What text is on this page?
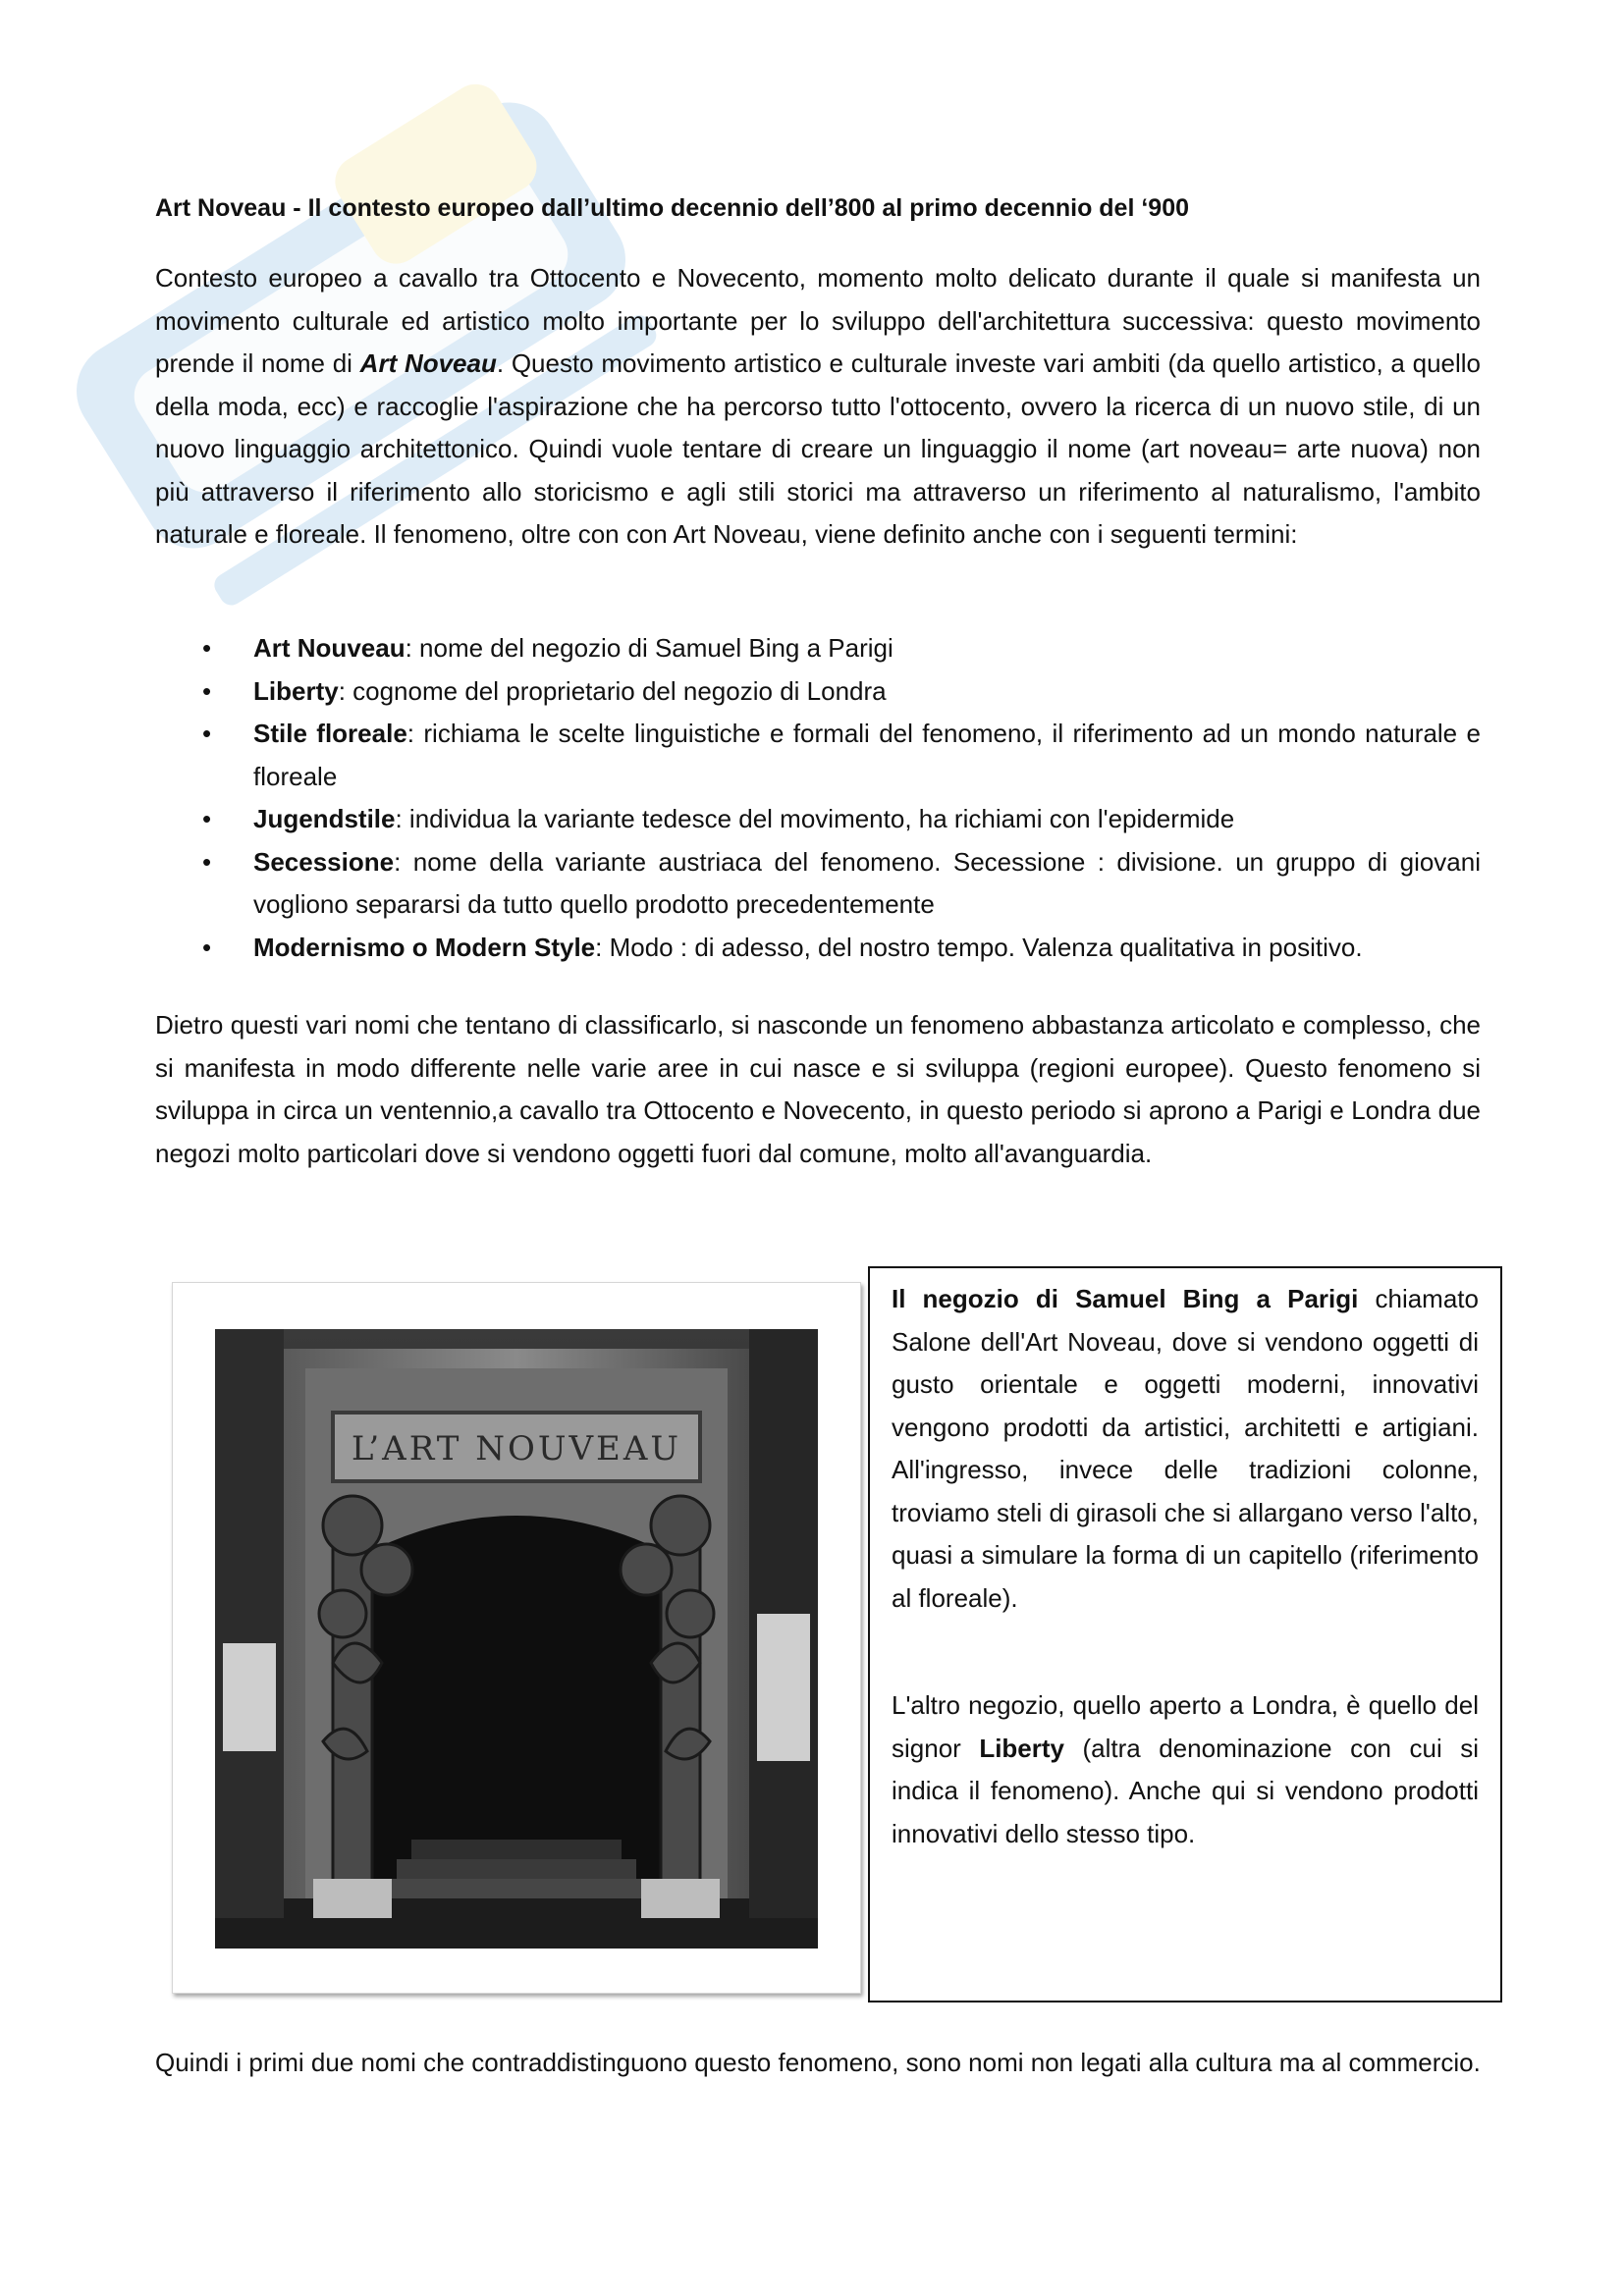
Art Noveau - Il contesto europeo dall’ultimo decennio dell’800 al primo decennio del ‘900
Contesto europeo a cavallo tra Ottocento e Novecento, momento molto delicato durante il quale si manifesta un movimento culturale ed artistico molto importante per lo sviluppo dell'architettura successiva: questo movimento prende il nome di Art Noveau. Questo movimento artistico e culturale investe vari ambiti (da quello artistico, a quello della moda, ecc) e raccoglie l'aspirazione che ha percorso tutto l'ottocento, ovvero la ricerca di un nuovo stile, di un nuovo linguaggio architettonico. Quindi vuole tentare di creare un linguaggio il nome (art noveau= arte nuova) non più attraverso il riferimento allo storicismo e agli stili storici ma attraverso un riferimento al naturalismo, l'ambito naturale e floreale. Il fenomeno, oltre con con Art Noveau, viene definito anche con i seguenti termini:
• Art Nouveau: nome del negozio di Samuel Bing a Parigi
• Liberty: cognome del proprietario del negozio di Londra
• Stile floreale: richiama le scelte linguistiche e formali del fenomeno, il riferimento ad un mondo naturale e floreale
• Jugendstile: individua la variante tedesce del movimento, ha richiami con l'epidermide
• Secessione: nome della variante austriaca del fenomeno. Secessione : divisione. un gruppo di giovani vogliono separarsi da tutto quello prodotto precedentemente
• Modernismo o Modern Style: Modo : di adesso, del nostro tempo. Valenza qualitativa in positivo.
Dietro questi vari nomi che tentano di classificarlo, si nasconde un fenomeno abbastanza articolato e complesso, che si manifesta in modo differente nelle varie aree in cui nasce e si sviluppa (regioni europee). Questo fenomeno si sviluppa in circa un ventennio,a cavallo tra Ottocento e Novecento, in questo periodo si aprono a Parigi e Londra due negozi molto particolari dove si vendono oggetti fuori dal comune, molto all'avanguardia.
Quindi i primi due nomi che contraddistinguono questo fenomeno, sono nomi non legati alla cultura ma al commercio.
L’ART NOUVEAU

Il negozio di Samuel Bing a Parigi chiamato Salone dell'Art Noveau, dove si vendono oggetti di gusto orientale e oggetti moderni, innovativi vengono prodotti da artistici, architetti e artigiani. All'ingresso, invece delle tradizioni colonne, troviamo steli di girasoli che si allargano verso l'alto, quasi a simulare la forma di un capitello (riferimento al floreale).

L'altro negozio, quello aperto a Londra, è quello del signor Liberty (altra denominazione con cui si indica il fenomeno). Anche qui si vendono prodotti innovativi dello stesso tipo.
